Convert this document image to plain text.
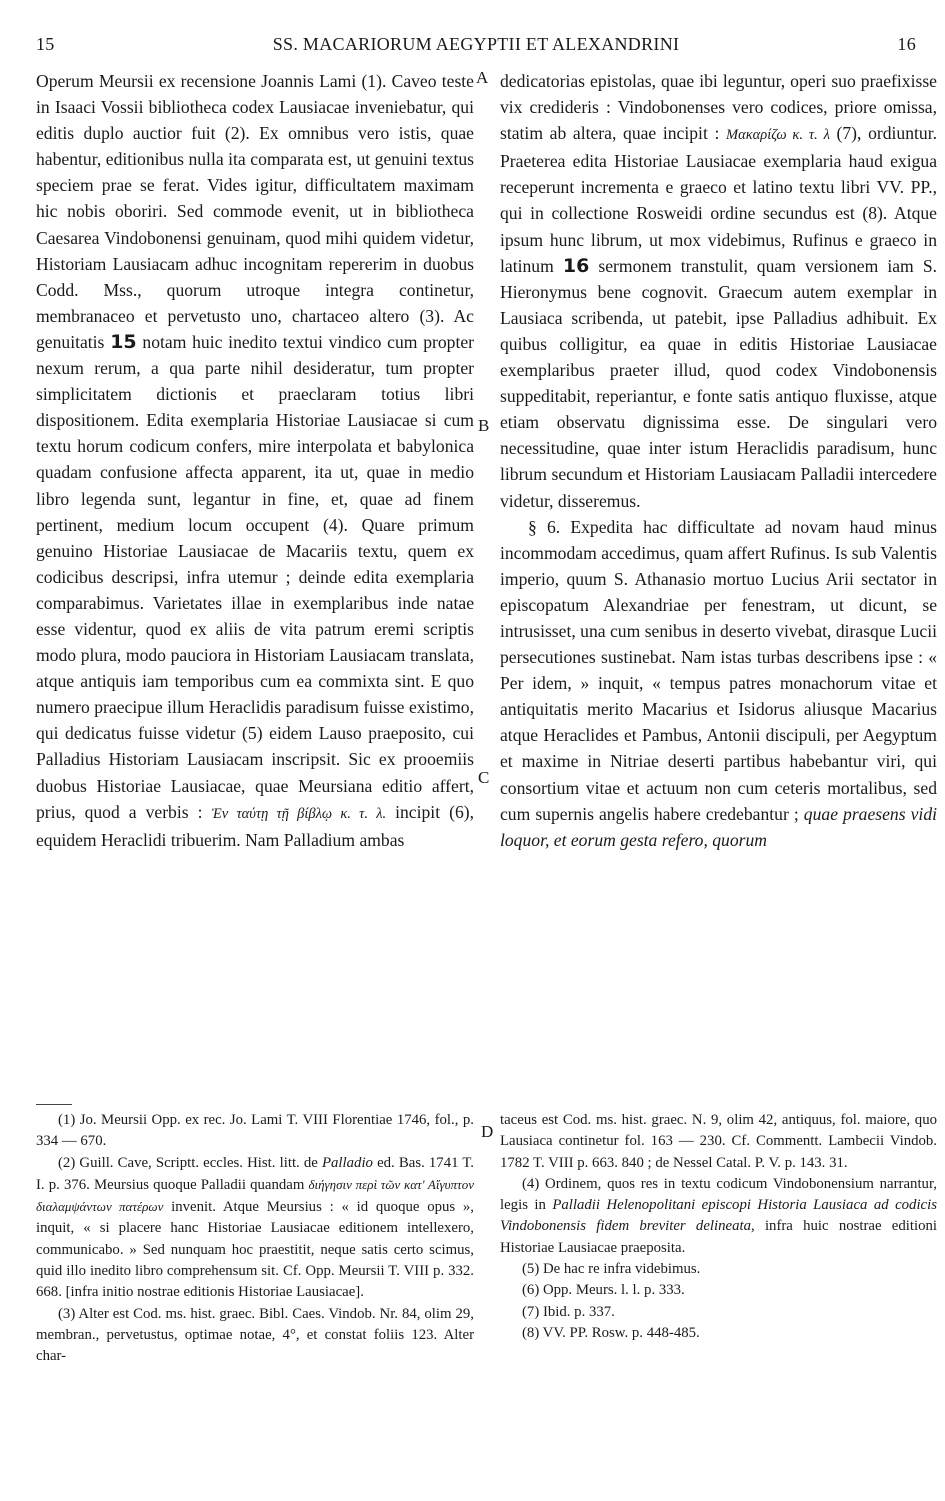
15	SS. MACARIORUM AEGYPTII ET ALEXANDRINI	16
A
B
C
D

Operum Meursii ex recensione Joannis Lami (1). Caveo teste in Isaaci Vossii bibliotheca codex Lausiacae inveniebatur, qui editis duplo auctior fuit (2). Ex omnibus vero istis, quae habentur, editionibus nulla ita comparata est, ut genuini textus speciem prae se ferat. Vides igitur, difficultatem maximam hic nobis oboriri. Sed commode evenit, ut in bibliotheca Caesarea Vindobonensi genuinam, quod mihi quidem videtur, Historiam Lausiacam adhuc incognitam repererim in duobus Codd. Mss., quorum utroque integra continetur, membranaceo et pervetusto uno, chartaceo altero (3). Ac genuitatis 15 notam huic inedito textui vindico cum propter nexum rerum, a qua parte nihil desideratur, tum propter simplicitatem dictionis et praeclaram totius libri dispositionem. Edita exemplaria Historiae Lausiacae si cum textu horum codicum confers, mire interpolata et babylonica quadam confusione affecta apparent, ita ut, quae in medio libro legenda sunt, legantur in fine, et, quae ad finem pertinent, medium locum occupent (4). Quare primum genuino Historiae Lausiacae de Macariis textu, quem ex codicibus descripsi, infra utemur ; deinde edita exemplaria comparabimus. Varietates illae in exemplaribus inde natae esse videntur, quod ex aliis de vita patrum eremi scriptis modo plura, modo pauciora in Historiam Lausiacam translata, atque antiquis iam temporibus cum ea commixta sint. E quo numero praecipue illum Heraclidis paradisum fuisse existimo, qui dedicatus fuisse videtur (5) eidem Lauso praeposito, cui Palladius Historiam Lausiacam inscripsit. Sic ex prooemiis duobus Historiae Lausiacae, quae Meursiana editio affert, prius, quod a verbis : Ἐν ταύτῃ τῇ βίβλῳ κ. τ. λ. incipit (6), equidem Heraclidi tribuerim. Nam Palladium ambas

dedicatorias epistolas, quae ibi leguntur, operi suo praefixisse vix credideris : Vindobonenses vero codices, priore omissa, statim ab altera, quae incipit : Μακαρίζω κ. τ. λ (7), ordiuntur. Praeterea edita Historiae Lausiacae exemplaria haud exigua receperunt incrementa e graeco et latino textu libri VV. PP., qui in collectione Rosweidi ordine secundus est (8). Atque ipsum hunc librum, ut mox videbimus, Rufinus e graeco in latinum 16 sermonem transtulit, quam versionem iam S. Hieronymus bene cognovit. Graecum autem exemplar in Lausiaca scribenda, ut patebit, ipse Palladius adhibuit. Ex quibus colligitur, ea quae in editis Historiae Lausiacae exemplaribus praeter illud, quod codex Vindobonensis suppeditabit, reperiantur, e fonte satis antiquo fluxisse, atque etiam observatu dignissima esse. De singulari vero necessitudine, quae inter istum Heraclidis paradisum, hunc librum secundum et Historiam Lausiacam Palladii intercedere videtur, disseremus.

§ 6. Expedita hac difficultate ad novam haud minus incommodam accedimus, quam affert Rufinus. Is sub Valentis imperio, quum S. Athanasio mortuo Lucius Arii sectator in episcopatum Alexandriae per fenestram, ut dicunt, se intrusisset, una cum senibus in deserto vivebat, dirasque Lucii persecutiones sustinebat. Nam istas turbas describens ipse : « Per idem, » inquit, « tempus patres monachorum vitae et antiquitatis merito Macarius et Isidorus aliusque Macarius atque Heraclides et Pambus, Antonii discipuli, per Aegyptum et maxime in Nitriae deserti partibus habebantur viri, qui consortium vitae et actuum non cum ceteris mortalibus, sed cum supernis angelis habere credebantur ; quae praesens vidi loquor, et eorum gesta refero, quorum

(1) Jo. Meursii Opp. ex rec. Jo. Lami T. VIII Florentiae 1746, fol., p. 334 — 670.

(2) Guill. Cave, Scriptt. eccles. Hist. litt. de Palladio ed. Bas. 1741 T. I. p. 376. Meursius quoque Palladii quandam διήγησιν περὶ τῶν κατ' Αἴγυπτον διαλαμψάντων πατέρων invenit. Atque Meursius : « id quoque opus », inquit, « si placere hanc Historiae Lausiacae editionem intellexero, communicabo. » Sed nunquam hoc praestitit, neque satis certo scimus, quid illo inedito libro comprehensum sit. Cf. Opp. Meursii T. VIII p. 332. 668. [infra initio nostrae editionis Historiae Lausiacae].

(3) Alter est Cod. ms. hist. graec. Bibl. Caes. Vindob. Nr. 84, olim 29, membran., pervetustus, optimae notae, 4°, et constat foliis 123. Alter char-

taceus est Cod. ms. hist. graec. N. 9, olim 42, antiquus, fol. maiore, quo Lausiaca continetur fol. 163 — 230. Cf. Commentt. Lambecii Vindob. 1782 T. VIII p. 663. 840 ; de Nessel Catal. P. V. p. 143. 31.

(4) Ordinem, quos res in textu codicum Vindobonensium narrantur, legis in Palladii Helenopolitani episcopi Historia Lausiaca ad codicis Vindobonensis fidem breviter delineata, infra huic nostrae editioni Historiae Lausiacae praeposita.

(5) De hac re infra videbimus.

(6) Opp. Meurs. l. l. p. 333.

(7) Ibid. p. 337.

(8) VV. PP. Rosw. p. 448-485.
